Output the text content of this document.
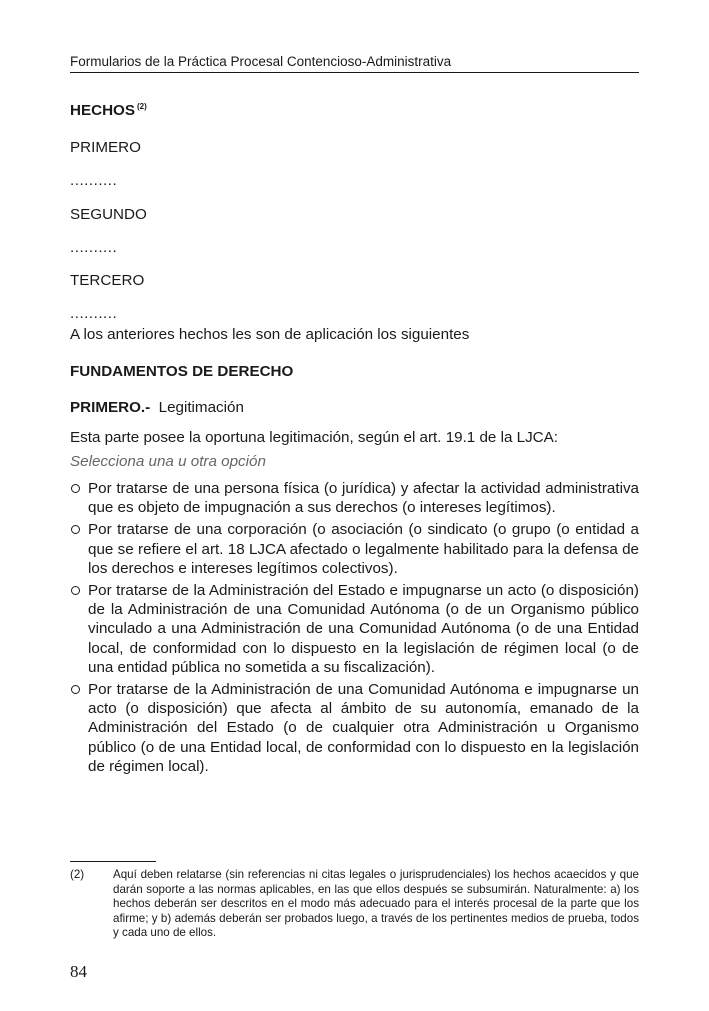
Formularios de la Práctica Procesal Contencioso-Administrativa
HECHOS $^{(2)}$
PRIMERO
..........
SEGUNDO
..........
TERCERO
..........
A los anteriores hechos les son de aplicación los siguientes
FUNDAMENTOS DE DERECHO
PRIMERO.- Legitimación
Esta parte posee la oportuna legitimación, según el art. 19.1 de la LJCA:
Selecciona una u otra opción
Por tratarse de una persona física (o jurídica) y afectar la actividad administrativa que es objeto de impugnación a sus derechos (o intereses legítimos).
Por tratarse de una corporación (o asociación (o sindicato (o grupo (o entidad a que se refiere el art. 18 LJCA afectado o legalmente habilitado para la defensa de los derechos e intereses legítimos colectivos).
Por tratarse de la Administración del Estado e impugnarse un acto (o disposición) de la Administración de una Comunidad Autónoma (o de un Organismo público vinculado a una Administración de una Comunidad Autónoma (o de una Entidad local, de conformidad con lo dispuesto en la legislación de régimen local (o de una entidad pública no sometida a su fiscalización).
Por tratarse de la Administración de una Comunidad Autónoma e impugnarse un acto (o disposición) que afecta al ámbito de su autonomía, emanado de la Administración del Estado (o de cualquier otra Administración u Organismo público (o de una Entidad local, de conformidad con lo dispuesto en la legislación de régimen local).
(2) Aquí deben relatarse (sin referencias ni citas legales o jurisprudenciales) los hechos acaecidos y que darán soporte a las normas aplicables, en las que ellos después se subsumirán. Naturalmente: a) los hechos deberán ser descritos en el modo más adecuado para el interés procesal de la parte que los afirme; y b) además deberán ser probados luego, a través de los pertinentes medios de prueba, todos y cada uno de ellos.
84
